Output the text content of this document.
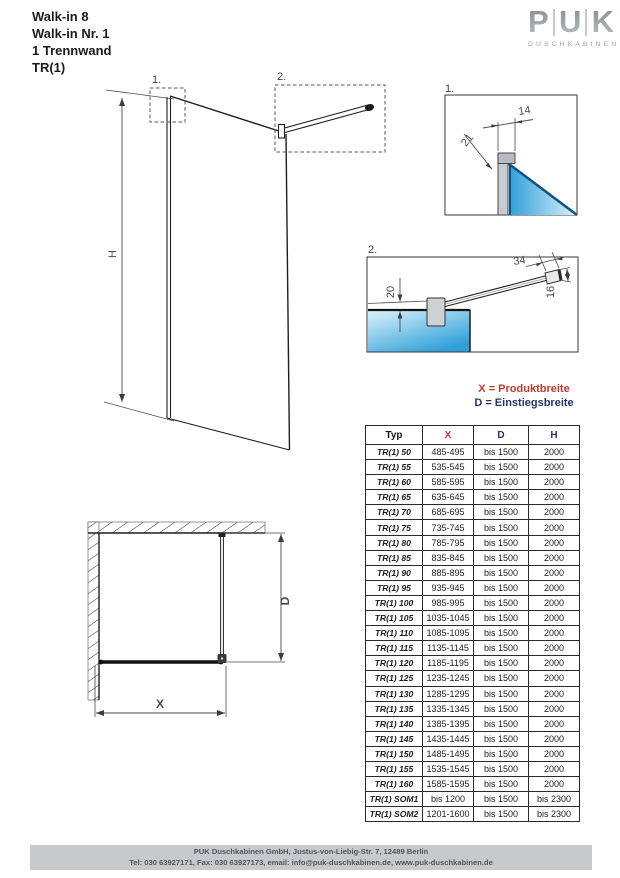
Walk-in 8
Walk-in Nr. 1
1 Trennwand
TR(1)
P U K
DUSCHKABINEN
H
1.	2.
1.
14
21
2.
20
34
16
D
X
X = Produktbreite
D = Einstiegsbreite
Typ	X	D	H
TR(1) 50	485-495	bis 1500	2000
TR(1) 55	535-545	bis 1500	2000
TR(1) 60	585-595	bis 1500	2000
TR(1) 65	635-645	bis 1500	2000
TR(1) 70	685-695	bis 1500	2000
TR(1) 75	735-745	bis 1500	2000
TR(1) 80	785-795	bis 1500	2000
TR(1) 85	835-845	bis 1500	2000
TR(1) 90	885-895	bis 1500	2000
TR(1) 95	935-945	bis 1500	2000
TR(1) 100	985-995	bis 1500	2000
TR(1) 105	1035-1045	bis 1500	2000
TR(1) 110	1085-1095	bis 1500	2000
TR(1) 115	1135-1145	bis 1500	2000
TR(1) 120	1185-1195	bis 1500	2000
TR(1) 125	1235-1245	bis 1500	2000
TR(1) 130	1285-1295	bis 1500	2000
TR(1) 135	1335-1345	bis 1500	2000
TR(1) 140	1385-1395	bis 1500	2000
TR(1) 145	1435-1445	bis 1500	2000
TR(1) 150	1485-1495	bis 1500	2000
TR(1) 155	1535-1545	bis 1500	2000
TR(1) 160	1585-1595	bis 1500	2000
TR(1) SOM1	bis 1200	bis 1500	bis 2300
TR(1) SOM2	1201-1600	bis 1500	bis 2300
PUK Duschkabinen GmbH, Justus-von-Liebig-Str. 7, 12489 Berlin
Tel: 030 63927171, Fax: 030 63927173, email: info@puk-duschkabinen.de, www.puk-duschkabinen.de
